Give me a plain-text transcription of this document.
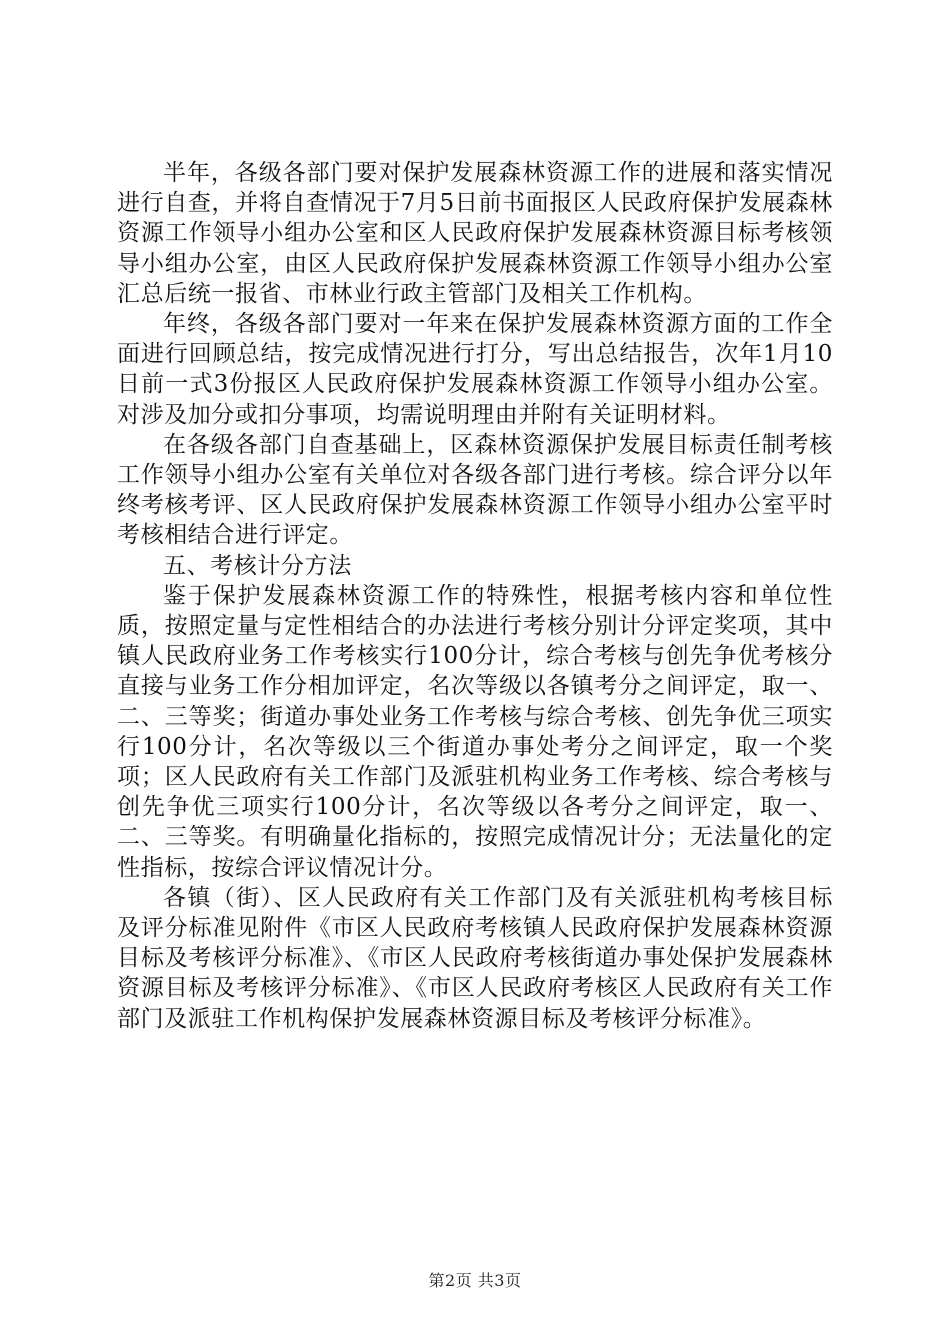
半年，各级各部门要对保护发展森林资源工作的进展和落实情况进行自查，并将自查情况于7月5日前书面报区人民政府保护发展森林资源工作领导小组办公室和区人民政府保护发展森林资源目标考核领导小组办公室，由区人民政府保护发展森林资源工作领导小组办公室汇总后统一报省、市林业行政主管部门及相关工作机构。

年终，各级各部门要对一年来在保护发展森林资源方面的工作全面进行回顾总结，按完成情况进行打分，写出总结报告，次年1月10日前一式3份报区人民政府保护发展森林资源工作领导小组办公室。对涉及加分或扣分事项，均需说明理由并附有关证明材料。

在各级各部门自查基础上，区森林资源保护发展目标责任制考核工作领导小组办公室有关单位对各级各部门进行考核。综合评分以年终考核考评、区人民政府保护发展森林资源工作领导小组办公室平时考核相结合进行评定。

五、考核计分方法

鉴于保护发展森林资源工作的特殊性，根据考核内容和单位性质，按照定量与定性相结合的办法进行考核分别计分评定奖项，其中镇人民政府业务工作考核实行100分计，综合考核与创先争优考核分直接与业务工作分相加评定，名次等级以各镇考分之间评定，取一、二、三等奖；街道办事处业务工作考核与综合考核、创先争优三项实行100分计，名次等级以三个街道办事处考分之间评定，取一个奖项；区人民政府有关工作部门及派驻机构业务工作考核、综合考核与创先争优三项实行100分计，名次等级以各考分之间评定，取一、二、三等奖。有明确量化指标的，按照完成情况计分；无法量化的定性指标，按综合评议情况计分。

各镇（街）、区人民政府有关工作部门及有关派驻机构考核目标及评分标准见附件《市区人民政府考核镇人民政府保护发展森林资源目标及考核评分标准》、《市区人民政府考核街道办事处保护发展森林资源目标及考核评分标准》、《市区人民政府考核区人民政府有关工作部门及派驻工作机构保护发展森林资源目标及考核评分标准》。

第2页 共3页
